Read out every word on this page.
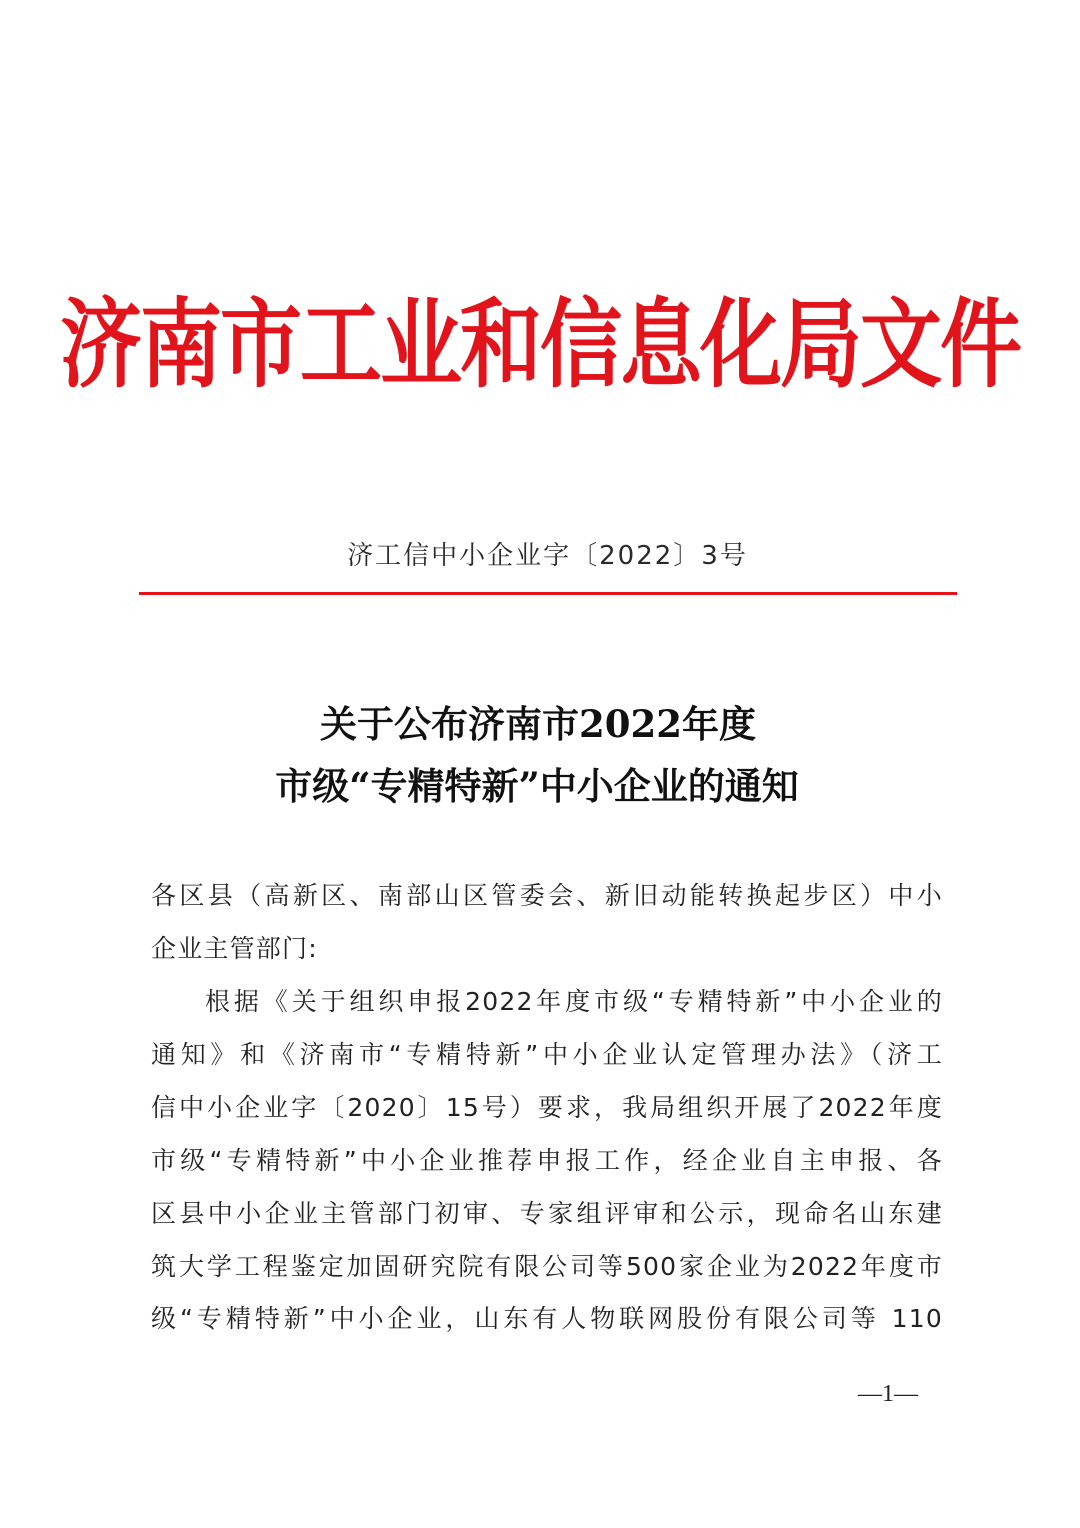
济南市工业和信息化局文件
济工信中小企业字〔2022〕3号
关于公布济南市2022年度
市级“专精特新”中小企业的通知
各区县（高新区、南部山区管委会、新旧动能转换起步区）中小
企业主管部门:
根据《关于组织申报2022年度市级“专精特新”中小企业的
通知》和《济南市“专精特新”中小企业认定管理办法》（济工
信中小企业字〔2020〕15号）要求，我局组织开展了2022年度
市级“专精特新”中小企业推荐申报工作，经企业自主申报、各
区县中小企业主管部门初审、专家组评审和公示，现命名山东建
筑大学工程鉴定加固研究院有限公司等500家企业为2022年度市
级“专精特新”中小企业，山东有人物联网股份有限公司等 110
—1—
